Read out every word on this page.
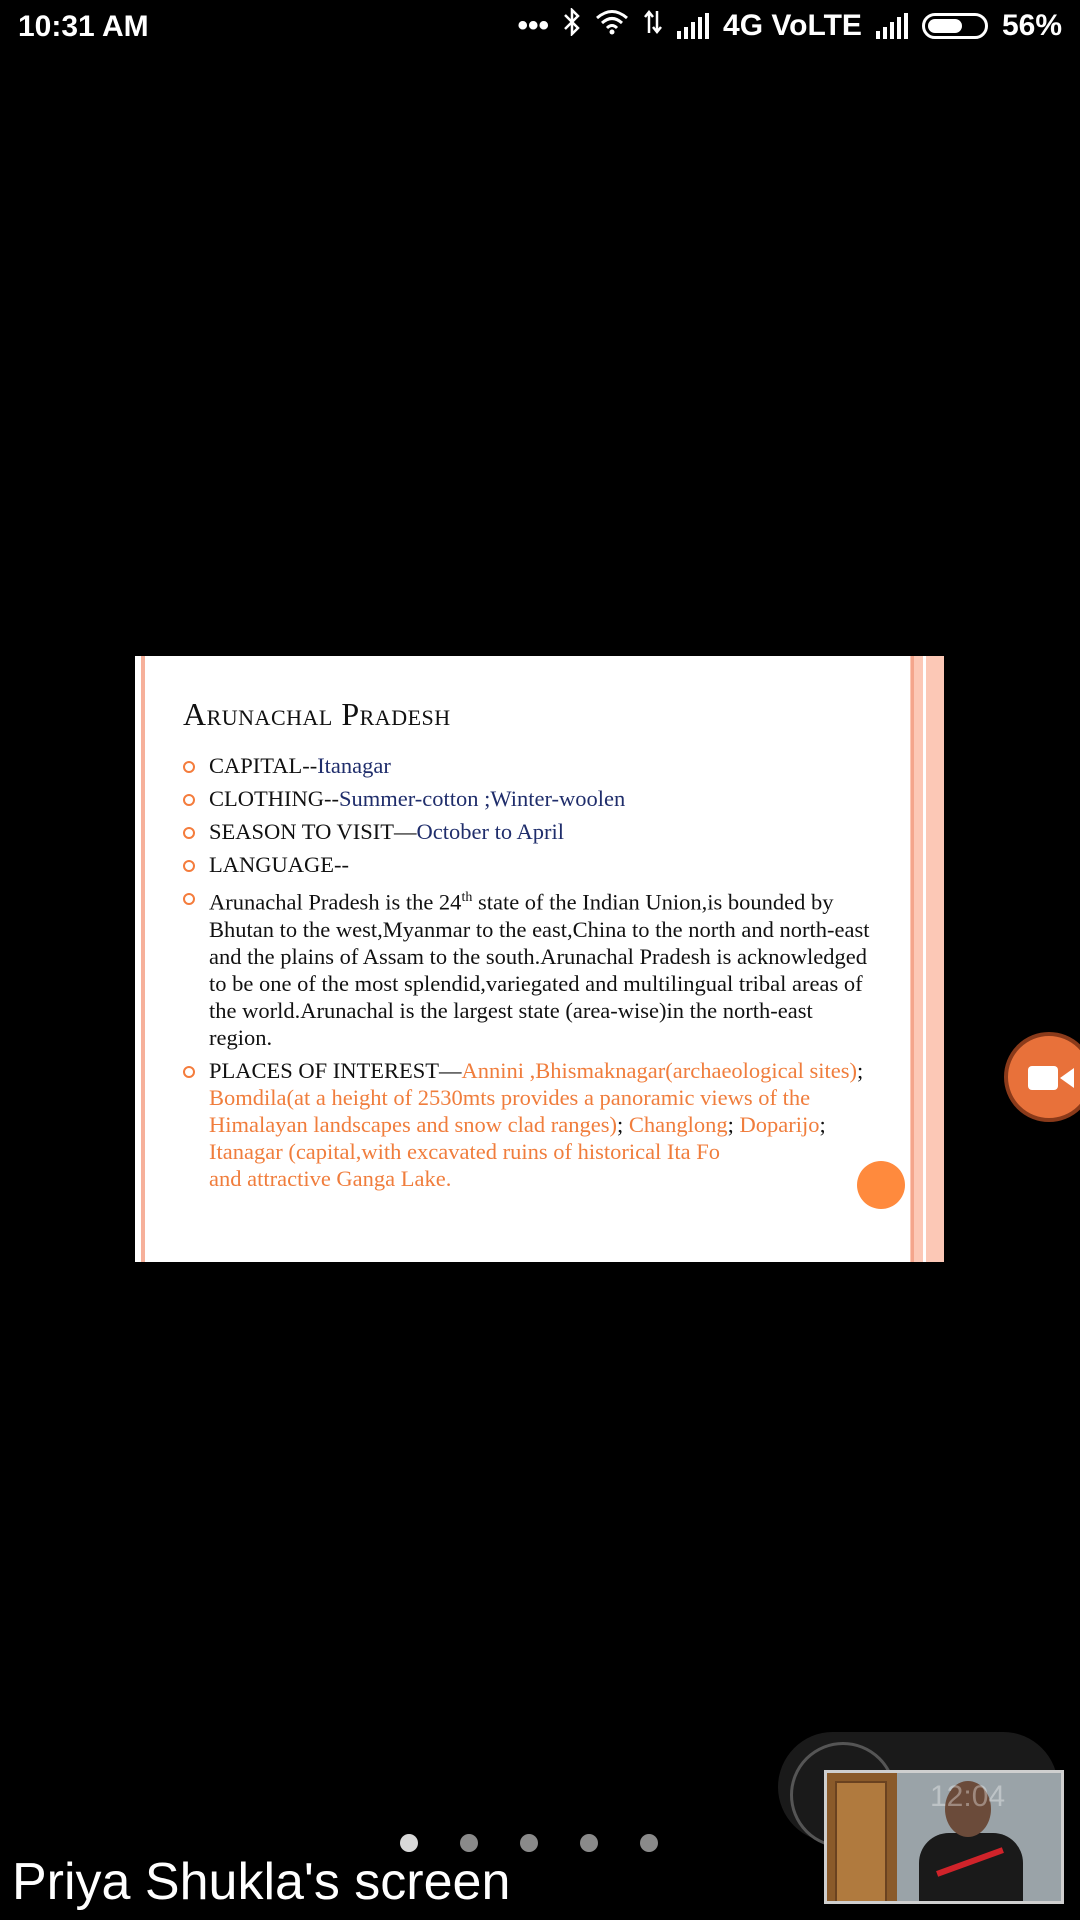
10:31 AM	•••	4G VoLTE	56%
Arunachal Pradesh
CAPITAL--Itanagar
CLOTHING--Summer-cotton ;Winter-woolen
SEASON TO VISIT—October to April
LANGUAGE--
Arunachal Pradesh is the 24th state of the Indian Union,is bounded by Bhutan to the west,Myanmar to the east,China to the north and north-east and the plains of Assam to the south.Arunachal Pradesh is acknowledged to be one of the most splendid,variegated and multilingual tribal areas of the world.Arunachal is the largest state (area-wise)in the north-east region.
PLACES OF INTEREST—Annini ,Bhismaknagar(archaeological sites); Bomdila(at a height of 2530mts provides a panoramic views of the Himalayan landscapes and snow clad ranges); Changlong; Doparijo; Itanagar (capital,with excavated ruins of historical Ita Fo
and attractive Ganga Lake.
Priya Shukla's screen
12:04
